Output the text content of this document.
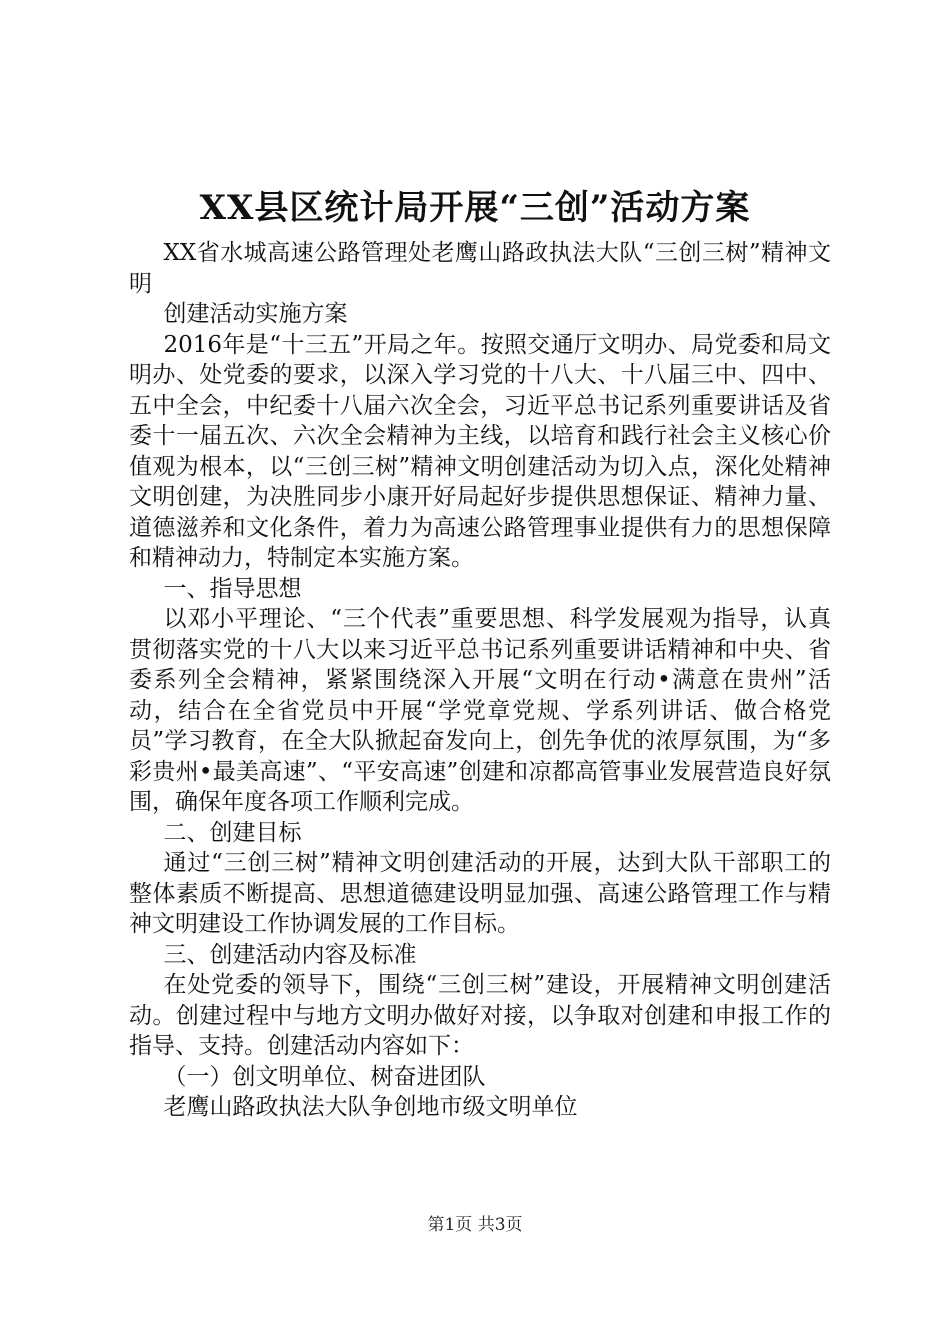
XX县区统计局开展“三创”活动方案

XX省水城高速公路管理处老鹰山路政执法大队“三创三树”精神文明

创建活动实施方案

2016年是“十三五”开局之年。按照交通厅文明办、局党委和局文明办、处党委的要求，以深入学习党的十八大、十八届三中、四中、五中全会，中纪委十八届六次全会，习近平总书记系列重要讲话及省委十一届五次、六次全会精神为主线，以培育和践行社会主义核心价值观为根本，以“三创三树”精神文明创建活动为切入点，深化处精神文明创建，为决胜同步小康开好局起好步提供思想保证、精神力量、道德滋养和文化条件，着力为高速公路管理事业提供有力的思想保障和精神动力，特制定本实施方案。

一、指导思想

以邓小平理论、“三个代表”重要思想、科学发展观为指导，认真贯彻落实党的十八大以来习近平总书记系列重要讲话精神和中央、省委系列全会精神，紧紧围绕深入开展“文明在行动•满意在贵州”活动，结合在全省党员中开展“学党章党规、学系列讲话、做合格党员”学习教育，在全大队掀起奋发向上，创先争优的浓厚氛围，为“多彩贵州•最美高速”、“平安高速”创建和凉都高管事业发展营造良好氛围，确保年度各项工作顺利完成。

二、创建目标

通过“三创三树”精神文明创建活动的开展，达到大队干部职工的整体素质不断提高、思想道德建设明显加强、高速公路管理工作与精神文明建设工作协调发展的工作目标。

三、创建活动内容及标准

在处党委的领导下，围绕“三创三树”建设，开展精神文明创建活动。创建过程中与地方文明办做好对接，以争取对创建和申报工作的指导、支持。创建活动内容如下：

（一）创文明单位、树奋进团队

老鹰山路政执法大队争创地市级文明单位

第1页 共3页
